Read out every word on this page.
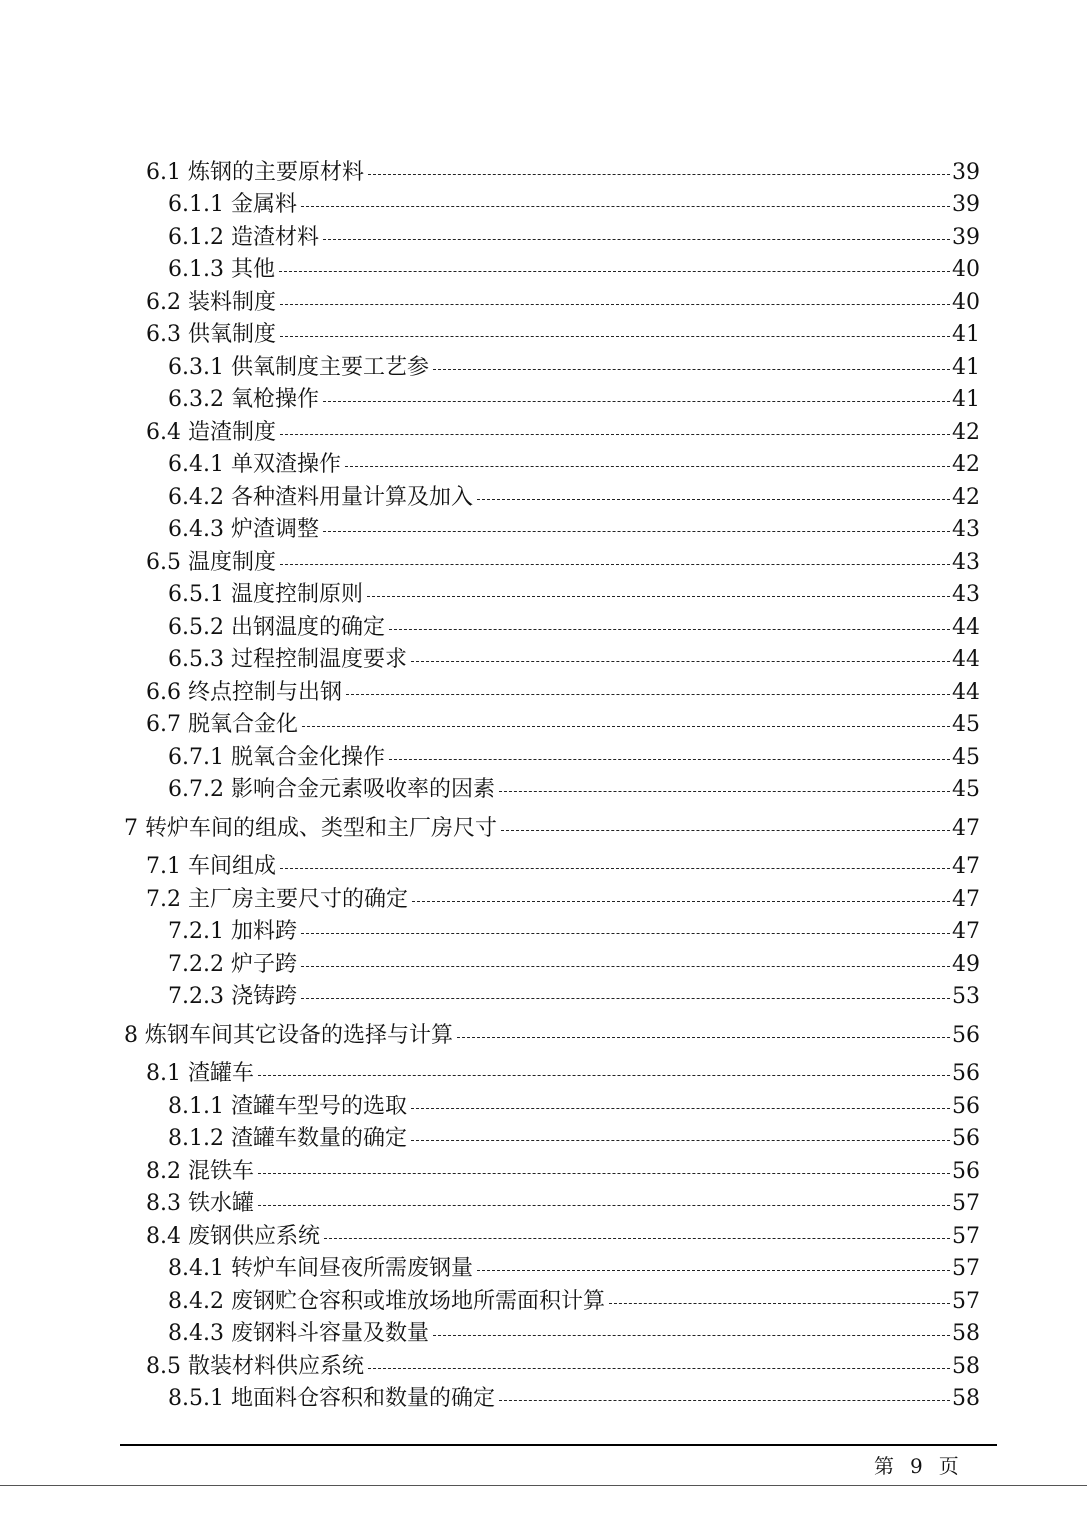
6.1 炼钢的主要原材料	39
6.1.1 金属料	39
6.1.2 造渣材料	39
6.1.3 其他	40
6.2 装料制度	40
6.3 供氧制度	41
6.3.1 供氧制度主要工艺参	41
6.3.2 氧枪操作	41
6.4 造渣制度	42
6.4.1 单双渣操作	42
6.4.2 各种渣料用量计算及加入	42
6.4.3 炉渣调整	43
6.5 温度制度	43
6.5.1 温度控制原则	43
6.5.2 出钢温度的确定	44
6.5.3 过程控制温度要求	44
6.6 终点控制与出钢	44
6.7 脱氧合金化	45
6.7.1 脱氧合金化操作	45
6.7.2 影响合金元素吸收率的因素	45
7 转炉车间的组成、类型和主厂房尺寸	47
7.1 车间组成	47
7.2 主厂房主要尺寸的确定	47
7.2.1 加料跨	47
7.2.2 炉子跨	49
7.2.3 浇铸跨	53
8 炼钢车间其它设备的选择与计算	56
8.1 渣罐车	56
8.1.1 渣罐车型号的选取	56
8.1.2 渣罐车数量的确定	56
8.2 混铁车	56
8.3 铁水罐	57
8.4 废钢供应系统	57
8.4.1 转炉车间昼夜所需废钢量	57
8.4.2 废钢贮仓容积或堆放场地所需面积计算	57
8.4.3 废钢料斗容量及数量	58
8.5 散装材料供应系统	58
8.5.1 地面料仓容积和数量的确定	58
第 9 页
